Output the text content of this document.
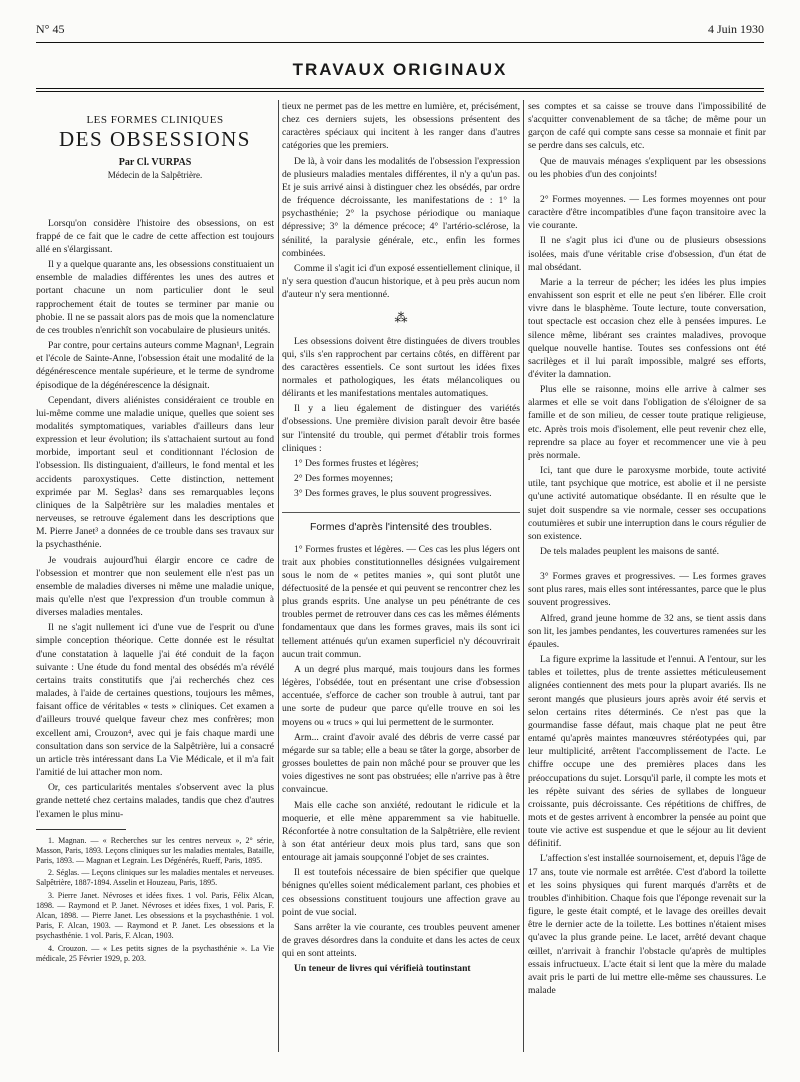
N° 45	4 Juin 1930
TRAVAUX ORIGINAUX
LES FORMES CLINIQUES
DES OBSESSIONS
Par Cl. VURPAS
Médecin de la Salpêtrière.

Lorsqu'on considère l'histoire des obsessions, on est frappé de ce fait que le cadre de cette affection est toujours allé en s'élargissant.

Il y a quelque quarante ans, les obsessions constituaient un ensemble de maladies différentes les unes des autres et portant chacune un nom particulier dont le seul rapprochement était de toutes se terminer par manie ou phobie. Il ne se passait alors pas de mois que la nomenclature de ces troubles n'enrichît son vocabulaire de plusieurs unités.

Par contre, pour certains auteurs comme Magnan¹, Legrain et l'école de Sainte-Anne, l'obsession était une modalité de la dégénérescence mentale supérieure, et le terme de syndrome épisodique de la dégénérescence la désignait.

Cependant, divers aliénistes considéraient ce trouble en lui-même comme une maladie unique, quelles que soient ses modalités symptomatiques, variables d'ailleurs dans leur expression et leur évolution; ils s'attachaient surtout au fond morbide, important seul et conditionnant l'éclosion de l'obsession. Ils distinguaient, d'ailleurs, le fond mental et les accidents paroxystiques. Cette distinction, nettement exprimée par M. Seglas² dans ses remarquables leçons cliniques de la Salpêtrière sur les maladies mentales et nerveuses, se retrouve également dans les descriptions que M. Pierre Janet³ a données de ce trouble dans ses travaux sur la psychasthénie.

Je voudrais aujourd'hui élargir encore ce cadre de l'obsession et montrer que non seulement elle n'est pas un ensemble de maladies diverses ni même une maladie unique, mais qu'elle n'est que l'expression d'un trouble commun à diverses maladies mentales.

Il ne s'agit nullement ici d'une vue de l'esprit ou d'une simple conception théorique. Cette donnée est le résultat d'une constatation à laquelle j'ai été conduit de la façon suivante : Une étude du fond mental des obsédés m'a révélé certains traits constitutifs que j'ai recherchés chez ces malades, à l'aide de certaines questions, toujours les mêmes, faisant office de véritables « tests » cliniques. Cet examen a d'ailleurs trouvé quelque faveur chez mes confrères; mon excellent ami, Crouzon⁴, avec qui je fais chaque mardi une consultation dans son service de la Salpêtrière, lui a consacré un article très intéressant dans La Vie Médicale, et il m'a fait l'amitié de lui attacher mon nom.

Or, ces particularités mentales s'observent avec la plus grande netteté chez certains malades, tandis que chez d'autres l'examen le plus minu-

1. Magnan. — « Recherches sur les centres nerveux », 2° série, Masson, Paris, 1893. Leçons cliniques sur les maladies mentales, Bataille, Paris, 1893. — Magnan et Legrain. Les Dégénérés, Rueff, Paris, 1895.

2. Séglas. — Leçons cliniques sur les maladies mentales et nerveuses. Salpêtrière, 1887-1894. Asselin et Houzeau, Paris, 1895.

3. Pierre Janet. Névroses et idées fixes. 1 vol. Paris, Félix Alcan, 1898. — Raymond et P. Janet. Névroses et idées fixes, 1 vol. Paris, F. Alcan, 1898. — Pierre Janet. Les obsessions et la psychasthénie. 1 vol. Paris, F. Alcan, 1903. — Raymond et P. Janet. Les obsessions et la psychasthénie. 1 vol. Paris, F. Alcan, 1903.

4. Crouzon. — « Les petits signes de la psychasthénie ». La Vie médicale, 25 Février 1929, p. 203.

tieux ne permet pas de les mettre en lumière, et, précisément, chez ces derniers sujets, les obsessions présentent des caractères spéciaux qui incitent à les ranger dans d'autres catégories que les premiers.

De là, à voir dans les modalités de l'obsession l'expression de plusieurs maladies mentales différentes, il n'y a qu'un pas. Et je suis arrivé ainsi à distinguer chez les obsédés, par ordre de fréquence décroissante, les manifestations de : 1° la psychasthénie; 2° la psychose périodique ou maniaque dépressive; 3° la démence précoce; 4° l'artério-sclérose, la sénilité, la paralysie générale, etc., enfin les formes combinées.

Comme il s'agit ici d'un exposé essentiellement clinique, il n'y sera question d'aucun historique, et à peu près aucun nom d'auteur n'y sera mentionné.

⁂

Les obsessions doivent être distinguées de divers troubles qui, s'ils s'en rapprochent par certains côtés, en diffèrent par des caractères essentiels. Ce sont surtout les idées fixes normales et pathologiques, les états mélancoliques ou délirants et les manifestations mentales automatiques.

Il y a lieu également de distinguer des variétés d'obsessions. Une première division paraît devoir être basée sur l'intensité du trouble, qui permet d'établir trois formes cliniques :

1° Des formes frustes et légères;

2° Des formes moyennes;

3° Des formes graves, le plus souvent progressives.

Formes d'après l'intensité des troubles.

1° Formes frustes et légères. — Ces cas les plus légers ont trait aux phobies constitutionnelles désignées vulgairement sous le nom de « petites manies », qui sont plutôt une défectuosité de la pensée et qui peuvent se rencontrer chez les plus grands esprits. Une analyse un peu pénétrante de ces troubles permet de retrouver dans ces cas les mêmes éléments fondamentaux que dans les formes graves, mais ils sont ici tellement atténués qu'un examen superficiel n'y découvrirait aucun trait commun.

A un degré plus marqué, mais toujours dans les formes légères, l'obsédée, tout en présentant une crise d'obsession accentuée, s'efforce de cacher son trouble à autrui, tant par une sorte de pudeur que parce qu'elle trouve en soi les moyens ou « trucs » qui lui permettent de le surmonter.

Arm... craint d'avoir avalé des débris de verre cassé par mégarde sur sa table; elle a beau se tâter la gorge, absorber de grosses boulettes de pain non mâché pour se prouver que les voies digestives ne sont pas obstruées; elle n'arrive pas à être convaincue.

Mais elle cache son anxiété, redoutant le ridicule et la moquerie, et elle mène apparemment sa vie habituelle. Réconfortée à notre consultation de la Salpêtrière, elle revient à son état antérieur deux mois plus tard, sans que son entourage ait jamais soupçonné l'objet de ses craintes.

Il est toutefois nécessaire de bien spécifier que quelque bénignes qu'elles soient médicalement parlant, ces phobies et ces obsessions constituent toujours une affection grave au point de vue social.

Sans arrêter la vie courante, ces troubles peuvent amener de graves désordres dans la conduite et dans les actes de ceux qui en sont atteints.

Un teneur de livres qui vérifieià toutinstant

ses comptes et sa caisse se trouve dans l'impossibilité de s'acquitter convenablement de sa tâche; de même pour un garçon de café qui compte sans cesse sa monnaie et finit par se perdre dans ses calculs, etc.

Que de mauvais ménages s'expliquent par les obsessions ou les phobies d'un des conjoints!

2° Formes moyennes. — Les formes moyennes ont pour caractère d'être incompatibles d'une façon transitoire avec la vie courante.

Il ne s'agit plus ici d'une ou de plusieurs obsessions isolées, mais d'une véritable crise d'obsession, d'un état de mal obsédant.

Marie a la terreur de pécher; les idées les plus impies envahissent son esprit et elle ne peut s'en libérer. Elle croit vivre dans le blasphème. Toute lecture, toute conversation, tout spectacle est occasion chez elle à pensées impures. Le silence même, libérant ses craintes maladives, provoque quelque nouvelle hantise. Toutes ses confessions ont été sacrilèges et il lui paraît impossible, malgré ses efforts, d'éviter la damnation.

Plus elle se raisonne, moins elle arrive à calmer ses alarmes et elle se voit dans l'obligation de s'éloigner de sa famille et de son milieu, de cesser toute pratique religieuse, etc. Après trois mois d'isolement, elle peut revenir chez elle, reprendre sa place au foyer et recommencer une vie à peu près normale.

Ici, tant que dure le paroxysme morbide, toute activité utile, tant psychique que motrice, est abolie et il ne persiste qu'une activité automatique obsédante. Il en résulte que le sujet doit suspendre sa vie normale, cesser ses occupations coutumières et subir une interruption dans le cours régulier de son existence.

De tels malades peuplent les maisons de santé.

3° Formes graves et progressives. — Les formes graves sont plus rares, mais elles sont intéressantes, parce que le plus souvent progressives.

Alfred, grand jeune homme de 32 ans, se tient assis dans son lit, les jambes pendantes, les couvertures ramenées sur les épaules.

La figure exprime la lassitude et l'ennui. A l'entour, sur les tables et toilettes, plus de trente assiettes méticuleusement alignées contiennent des mets pour la plupart avariés. Ils ne seront mangés que plusieurs jours après avoir été servis et selon certains rites déterminés. Ce n'est pas que la gourmandise fasse défaut, mais chaque plat ne peut être entamé qu'après maintes manœuvres stéréotypées qui, par leur multiplicité, arrêtent l'accomplissement de l'acte. Le chiffre occupe une des premières places dans les préoccupations du sujet. Lorsqu'il parle, il compte les mots et les répète suivant des séries de syllabes de longueur croissante, puis décroissante. Ces répétitions de chiffres, de mots et de gestes arrivent à encombrer la pensée au point que toute vie active est suspendue et que le séjour au lit devient définitif.

L'affection s'est installée sournoisement, et, depuis l'âge de 17 ans, toute vie normale est arrêtée. C'est d'abord la toilette et les soins physiques qui furent marqués d'arrêts et de troubles d'inhibition. Chaque fois que l'éponge revenait sur la figure, le geste était compté, et le lavage des oreilles devait être le dernier acte de la toilette. Les bottines n'étaient mises qu'avec la plus grande peine. Le lacet, arrêté devant chaque œillet, n'arrivait à franchir l'obstacle qu'après de multiples essais infructueux. L'acte était si lent que la mère du malade avait pris le parti de lui mettre elle-même ses chaussures. Le malade
